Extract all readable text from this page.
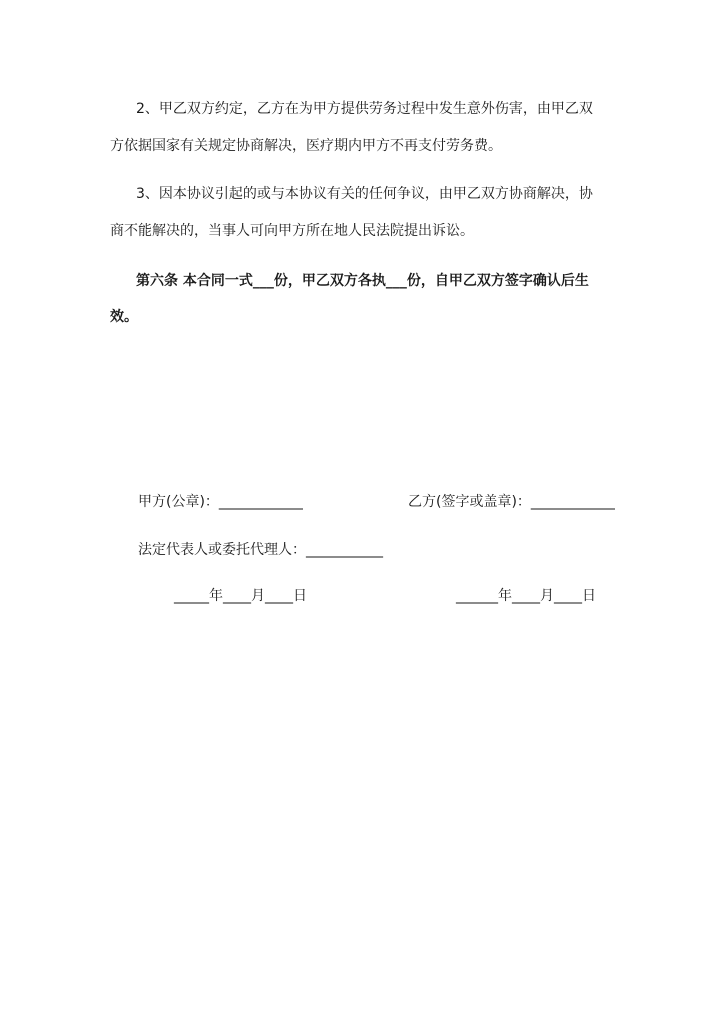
2、甲乙双方约定，乙方在为甲方提供劳务过程中发生意外伤害，由甲乙双
方依据国家有关规定协商解决，医疗期内甲方不再支付劳务费。
3、因本协议引起的或与本协议有关的任何争议，由甲乙双方协商解决，协
商不能解决的，当事人可向甲方所在地人民法院提出诉讼。
第六条 本合同一式___份，甲乙双方各执___份，自甲乙双方签字确认后生
效。
甲方(公章)：____________	乙方(签字或盖章)：____________
法定代表人或委托代理人：___________
_____年____月____日	______年____月____日
